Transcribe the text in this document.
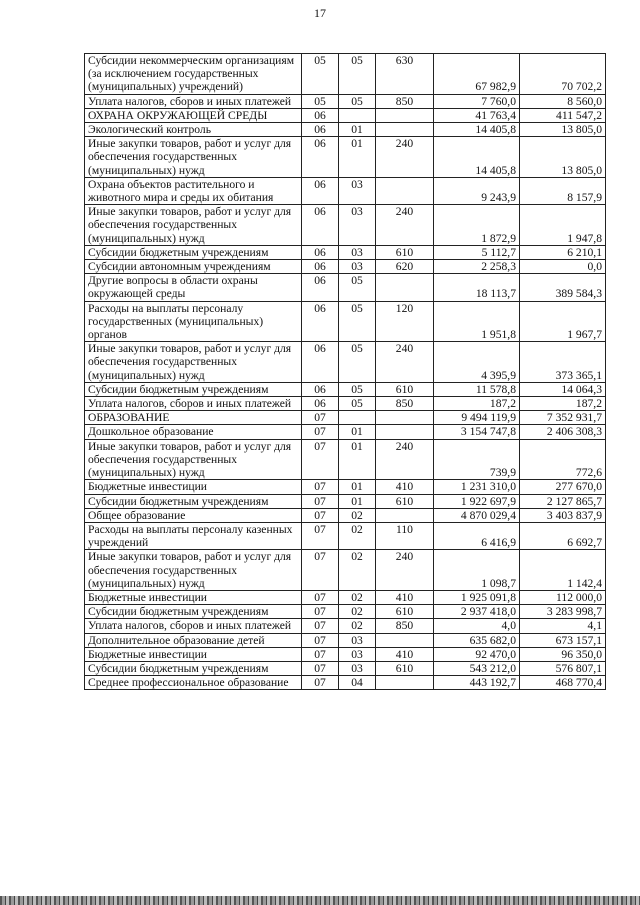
17
Субсидии некоммерческим организациям (за исключением государственных (муниципальных) учреждений)	05	05	630	67 982,9	70 702,2
Уплата налогов, сборов и иных платежей	05	05	850	7 760,0	8 560,0
ОХРАНА ОКРУЖАЮЩЕЙ СРЕДЫ	06			41 763,4	411 547,2
Экологический контроль	06	01		14 405,8	13 805,0
Иные закупки товаров, работ и услуг для обеспечения государственных (муниципальных) нужд	06	01	240	14 405,8	13 805,0
Охрана объектов растительного и животного мира и среды их обитания	06	03		9 243,9	8 157,9
Иные закупки товаров, работ и услуг для обеспечения государственных (муниципальных) нужд	06	03	240	1 872,9	1 947,8
Субсидии бюджетным учреждениям	06	03	610	5 112,7	6 210,1
Субсидии автономным учреждениям	06	03	620	2 258,3	0,0
Другие вопросы в области охраны окружающей среды	06	05		18 113,7	389 584,3
Расходы на выплаты персоналу государственных (муниципальных) органов	06	05	120	1 951,8	1 967,7
Иные закупки товаров, работ и услуг для обеспечения государственных (муниципальных) нужд	06	05	240	4 395,9	373 365,1
Субсидии бюджетным учреждениям	06	05	610	11 578,8	14 064,3
Уплата налогов, сборов и иных платежей	06	05	850	187,2	187,2
ОБРАЗОВАНИЕ	07			9 494 119,9	7 352 931,7
Дошкольное образование	07	01		3 154 747,8	2 406 308,3
Иные закупки товаров, работ и услуг для обеспечения государственных (муниципальных) нужд	07	01	240	739,9	772,6
Бюджетные инвестиции	07	01	410	1 231 310,0	277 670,0
Субсидии бюджетным учреждениям	07	01	610	1 922 697,9	2 127 865,7
Общее образование	07	02		4 870 029,4	3 403 837,9
Расходы на выплаты персоналу казенных учреждений	07	02	110	6 416,9	6 692,7
Иные закупки товаров, работ и услуг для обеспечения государственных (муниципальных) нужд	07	02	240	1 098,7	1 142,4
Бюджетные инвестиции	07	02	410	1 925 091,8	112 000,0
Субсидии бюджетным учреждениям	07	02	610	2 937 418,0	3 283 998,7
Уплата налогов, сборов и иных платежей	07	02	850	4,0	4,1
Дополнительное образование детей	07	03		635 682,0	673 157,1
Бюджетные инвестиции	07	03	410	92 470,0	96 350,0
Субсидии бюджетным учреждениям	07	03	610	543 212,0	576 807,1
Среднее профессиональное образование	07	04		443 192,7	468 770,4
